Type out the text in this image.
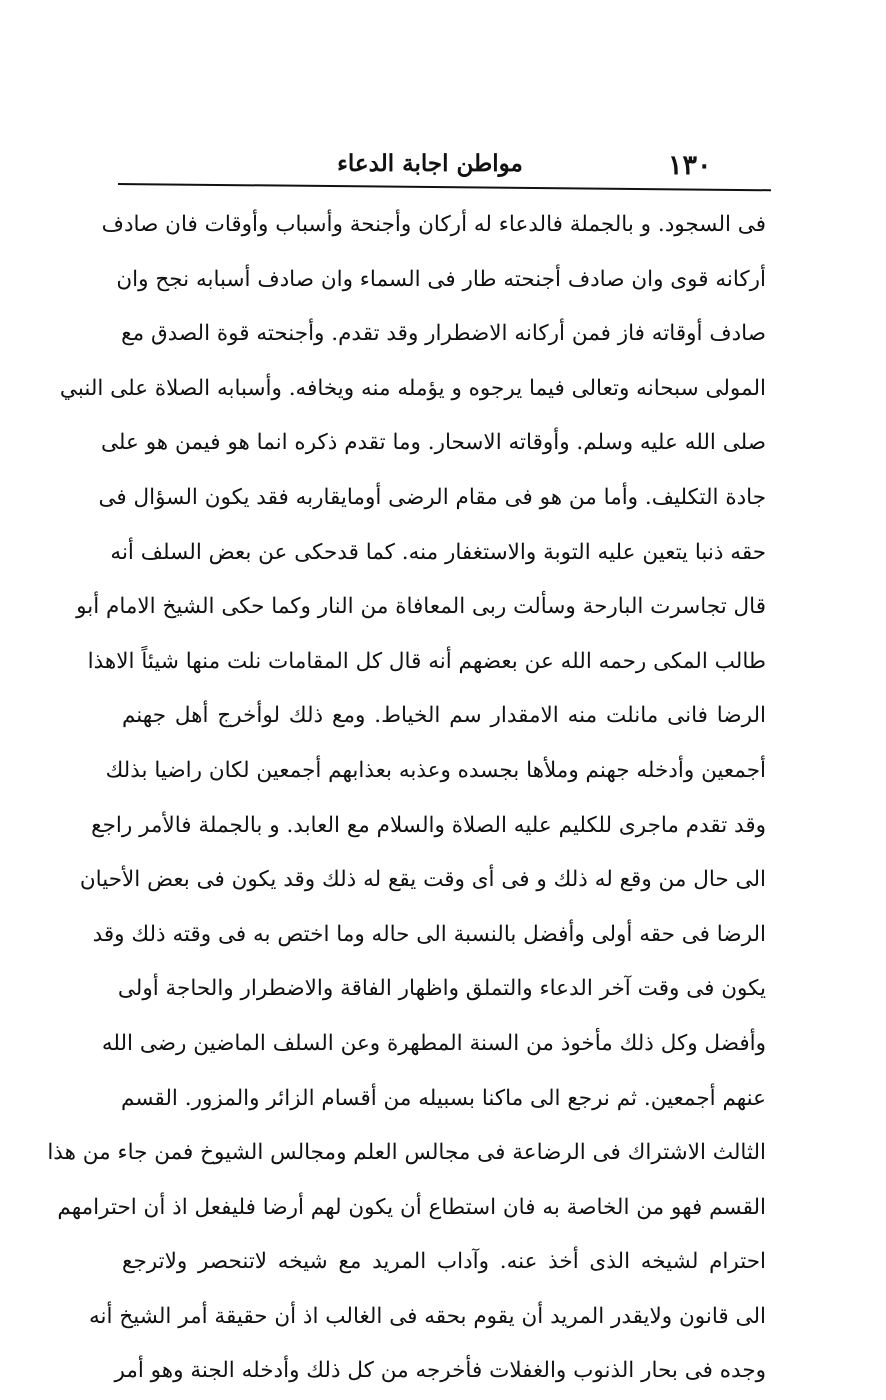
١٣٠
مواطن اجابة الدعاء
فى السجود. و بالجملة فالدعاء له أركان وأجنحة وأسباب وأوقات فان صادف
أركانه قوى وان صادف أجنحته طار فى السماء وان صادف أسبابه نجح وان
صادف أوقاته فاز فمن أركانه الاضطرار وقد تقدم. وأجنحته قوة الصدق مع
المولى سبحانه وتعالى فيما يرجوه و يؤمله منه ويخافه. وأسبابه الصلاة على النبي
صلى الله عليه وسلم. وأوقاته الاسحار. وما تقدم ذكره انما هو فيمن هو على
جادة التكليف. وأما من هو فى مقام الرضى أومايقاربه فقد يكون السؤال فى
حقه ذنبا يتعين عليه التوبة والاستغفار منه. كما قدحكى عن بعض السلف أنه
قال تجاسرت البارحة وسألت ربى المعافاة من النار وكما حكى الشيخ الامام أبو
طالب المكى رحمه الله عن بعضهم أنه قال كل المقامات نلت منها شيئاً الاهذا
الرضا فانى مانلت منه الامقدار سم الخياط. ومع ذلك لوأخرج أهل جهنم
أجمعين وأدخله جهنم وملأها بجسده وعذبه بعذابهم أجمعين لكان راضيا بذلك
وقد تقدم ماجرى للكليم عليه الصلاة والسلام مع العابد. و بالجملة فالأمر راجع
الى حال من وقع له ذلك و فى أى وقت يقع له ذلك وقد يكون فى بعض الأحيان
الرضا فى حقه أولى وأفضل بالنسبة الى حاله وما اختص به فى وقته ذلك وقد
يكون فى وقت آخر الدعاء والتملق واظهار الفاقة والاضطرار والحاجة أولى
وأفضل وكل ذلك مأخوذ من السنة المطهرة وعن السلف الماضين رضى الله
عنهم أجمعين. ثم نرجع الى ماكنا بسبيله من أقسام الزائر والمزور. القسم
الثالث الاشتراك فى الرضاعة فى مجالس العلم ومجالس الشيوخ فمن جاء من هذا
القسم فهو من الخاصة به فان استطاع أن يكون لهم أرضا فليفعل اذ أن احترامهم
احترام لشيخه الذى أخذ عنه. وآداب المريد مع شيخه لاتنحصر ولاترجع
الى قانون ولايقدر المريد أن يقوم بحقه فى الغالب اذ أن حقيقة أمر الشيخ أنه
وجده فى بحار الذنوب والغفلات فأخرجه من كل ذلك وأدخله الجنة وهو أمر
